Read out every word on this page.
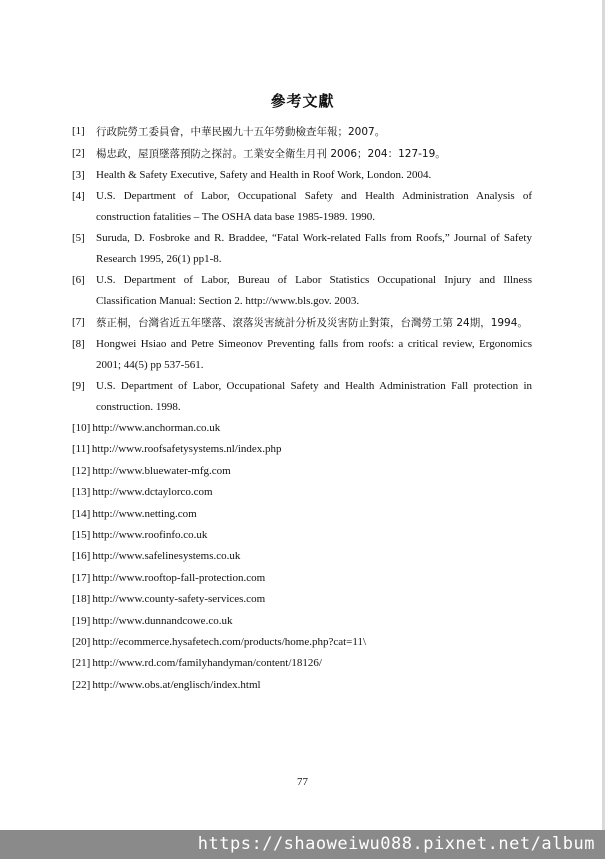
參考文獻
[1]	行政院勞工委員會，中華民國九十五年勞動檢查年報；2007。
[2]	楊忠政，屋頂墜落預防之探討。工業安全衛生月刊 2006；204：127-19。
[3]	Health & Safety Executive, Safety and Health in Roof Work, London. 2004.
[4]	U.S. Department of Labor, Occupational Safety and Health Administration Analysis of construction fatalities – The OSHA data base 1985-1989. 1990.
[5]	Suruda, D. Fosbroke and R. Braddee, “Fatal Work-related Falls from Roofs,” Journal of Safety Research 1995, 26(1) pp1-8.
[6]	U.S. Department of Labor, Bureau of Labor Statistics Occupational Injury and Illness Classification Manual: Section 2. http://www.bls.gov. 2003.
[7]	蔡正桐，台灣省近五年墜落、滾落災害統計分析及災害防止對策，台灣勞工第 24期，1994。
[8]	Hongwei Hsiao and Petre Simeonov Preventing falls from roofs: a critical review, Ergonomics 2001; 44(5) pp 537-561.
[9]	U.S. Department of Labor, Occupational Safety and Health Administration Fall protection in construction. 1998.
[10] http://www.anchorman.co.uk
[11] http://www.roofsafetysystems.nl/index.php
[12] http://www.bluewater-mfg.com
[13] http://www.dctaylorco.com
[14] http://www.netting.com
[15] http://www.roofinfo.co.uk
[16] http://www.safelinesystems.co.uk
[17] http://www.rooftop-fall-protection.com
[18] http://www.county-safety-services.com
[19] http://www.dunnandcowe.co.uk
[20] http://ecommerce.hysafetech.com/products/home.php?cat=11\
[21] http://www.rd.com/familyhandyman/content/18126/
[22] http://www.obs.at/englisch/index.html
77
https://shaoweiwu088.pixnet.net/album
